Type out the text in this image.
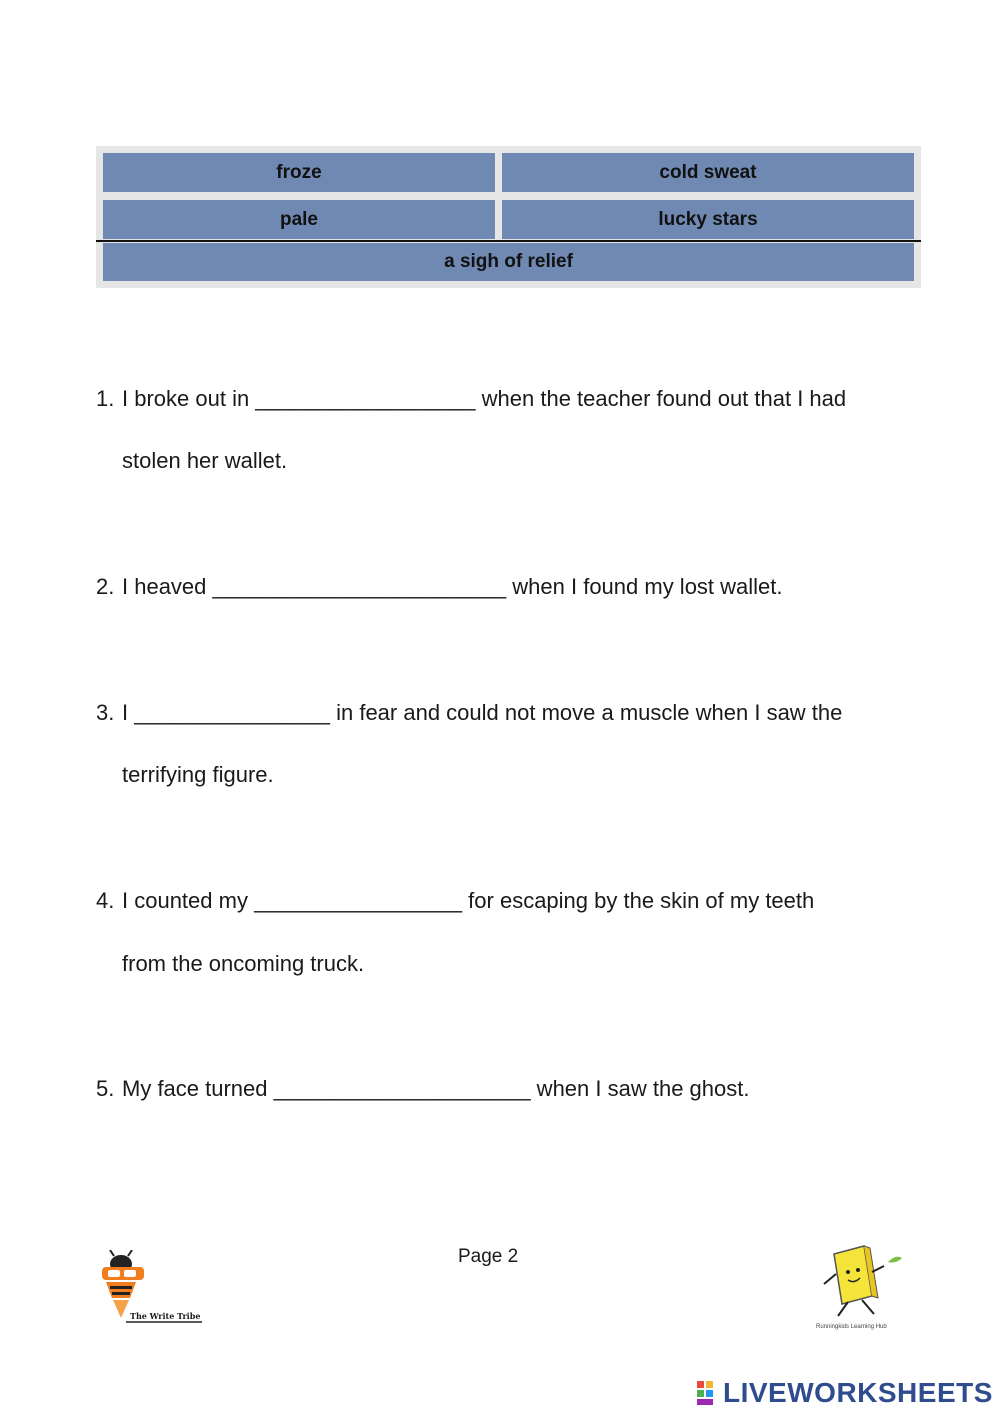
froze	cold sweat
pale	lucky stars
a sigh of relief
1. I broke out in __________________ when the teacher found out that I had
stolen her wallet.
2. I heaved ________________________ when I found my lost wallet.
3. I ________________ in fear and could not move a muscle when I saw the
terrifying figure.
4. I counted my _________________ for escaping by the skin of my teeth
from the oncoming truck.
5. My face turned _____________________ when I saw the ghost.
Page 2
The Write Tribe
Runningkids Learning Hub
LIVEWORKSHEETS
